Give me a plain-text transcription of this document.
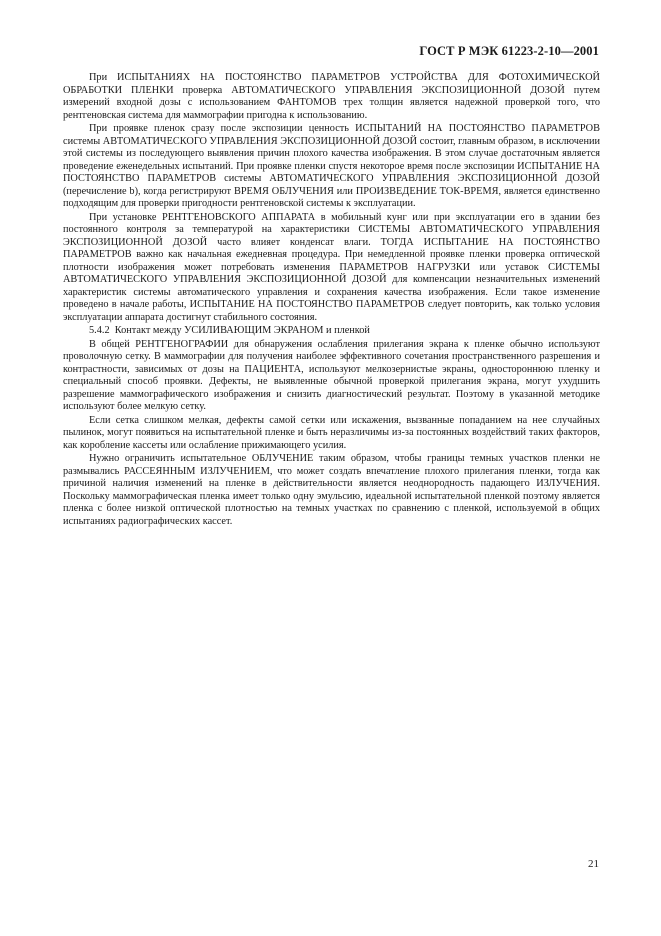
ГОСТ Р МЭК 61223-2-10—2001

При ИСПЫТАНИЯХ НА ПОСТОЯНСТВО ПАРАМЕТРОВ УСТРОЙСТВА ДЛЯ ФОТОХИМИЧЕСКОЙ ОБРАБОТКИ ПЛЕНКИ проверка АВТОМАТИЧЕСКОГО УПРАВЛЕНИЯ ЭКСПОЗИЦИОННОЙ ДОЗОЙ путем измерений входной дозы с использованием ФАНТОМОВ трех толщин является надежной проверкой того, что рентгеновская система для маммографии пригодна к использованию.

При проявке пленок сразу после экспозиции ценность ИСПЫТАНИЙ НА ПОСТОЯНСТВО ПАРАМЕТРОВ системы АВТОМАТИЧЕСКОГО УПРАВЛЕНИЯ ЭКСПОЗИЦИОННОЙ ДОЗОЙ состоит, главным образом, в исключении этой системы из последующего выявления причин плохого качества изображения. В этом случае достаточным является проведение еженедельных испытаний. При проявке пленки спустя некоторое время после экспозиции ИСПЫТАНИЕ НА ПОСТОЯНСТВО ПАРАМЕТРОВ системы АВТОМАТИЧЕСКОГО УПРАВЛЕНИЯ ЭКСПОЗИЦИОННОЙ ДОЗОЙ (перечисление b), когда регистрируют ВРЕМЯ ОБЛУЧЕНИЯ или ПРОИЗВЕДЕНИЕ ТОК-ВРЕМЯ, является единственно подходящим для проверки пригодности рентгеновской системы к эксплуатации.

При установке РЕНТГЕНОВСКОГО АППАРАТА в мобильный кунг или при эксплуатации его в здании без постоянного контроля за температурой на характеристики СИСТЕМЫ АВТОМАТИЧЕСКОГО УПРАВЛЕНИЯ ЭКСПОЗИЦИОННОЙ ДОЗОЙ часто влияет конденсат влаги. ТОГДА ИСПЫТАНИЕ НА ПОСТОЯНСТВО ПАРАМЕТРОВ важно как начальная ежедневная процедура. При немедленной проявке пленки проверка оптической плотности изображения может потребовать изменения ПАРАМЕТРОВ НАГРУЗКИ или уставок СИСТЕМЫ АВТОМАТИЧЕСКОГО УПРАВЛЕНИЯ ЭКСПОЗИЦИОННОЙ ДОЗОЙ для компенсации незначительных изменений характеристик системы автоматического управления и сохранения качества изображения. Если такое изменение проведено в начале работы, ИСПЫТАНИЕ НА ПОСТОЯНСТВО ПАРАМЕТРОВ следует повторить, как только условия эксплуатации аппарата достигнут стабильного состояния.

5.4.2 Контакт между УСИЛИВАЮЩИМ ЭКРАНОМ и пленкой

В общей РЕНТГЕНОГРАФИИ для обнаружения ослабления прилегания экрана к пленке обычно используют проволочную сетку. В маммографии для получения наиболее эффективного сочетания пространственного разрешения и контрастности, зависимых от дозы на ПАЦИЕНТА, используют мелкозернистые экраны, одностороннюю пленку и специальный способ проявки. Дефекты, не выявленные обычной проверкой прилегания экрана, могут ухудшить разрешение маммографического изображения и снизить диагностический результат. Поэтому в указанной методике используют более мелкую сетку.

Если сетка слишком мелкая, дефекты самой сетки или искажения, вызванные попаданием на нее случайных пылинок, могут появиться на испытательной пленке и быть неразличимы из-за постоянных воздействий таких факторов, как коробление кассеты или ослабление прижимающего усилия.

Нужно ограничить испытательное ОБЛУЧЕНИЕ таким образом, чтобы границы темных участков пленки не размывались РАССЕЯННЫМ ИЗЛУЧЕНИЕМ, что может создать впечатление плохого прилегания пленки, тогда как причиной наличия изменений на пленке в действительности является неоднородность падающего ИЗЛУЧЕНИЯ. Поскольку маммографическая пленка имеет только одну эмульсию, идеальной испытательной пленкой поэтому является пленка с более низкой оптической плотностью на темных участках по сравнению с пленкой, используемой в общих испытаниях радиографических кассет.

21
